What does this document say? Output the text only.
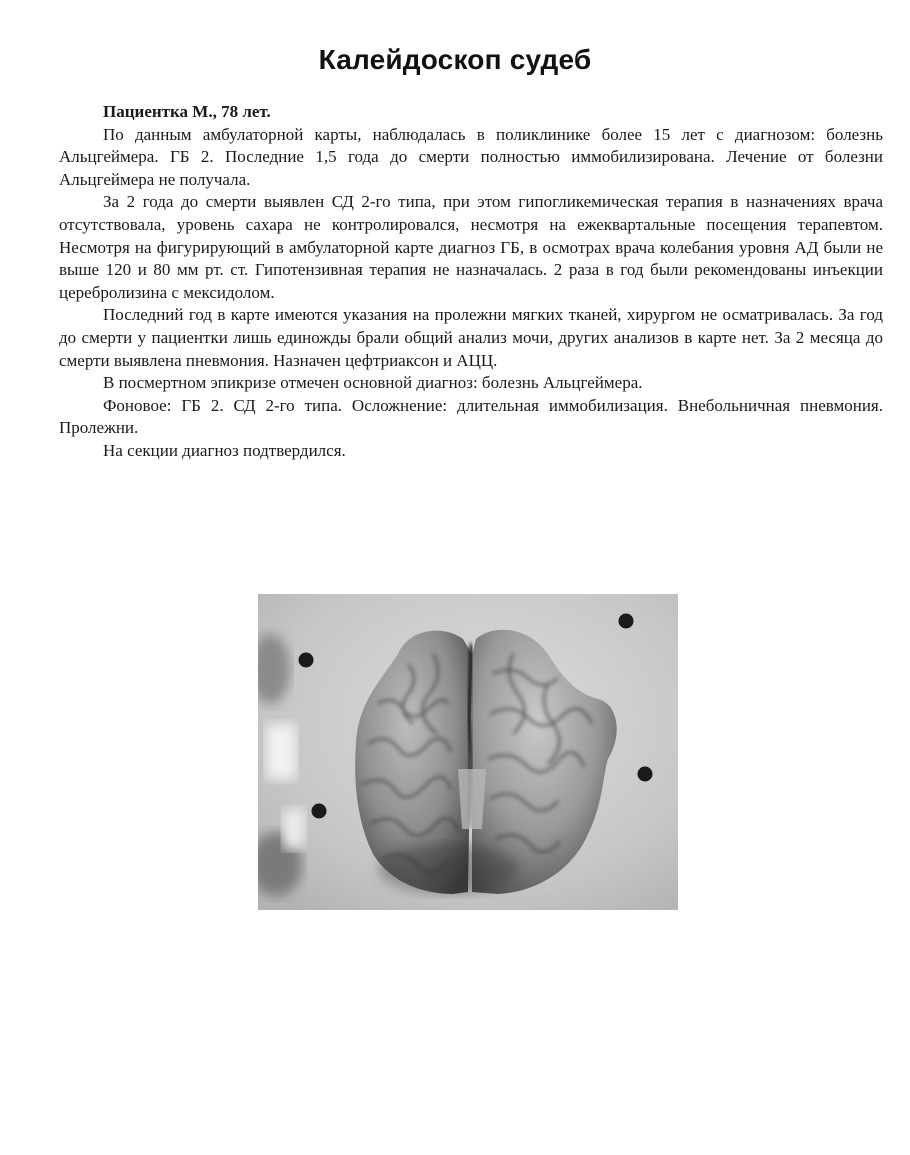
Калейдоскоп судеб

Пациентка М., 78 лет.

По данным амбулаторной карты, наблюдалась в поликлинике более 15 лет с диагнозом: болезнь Альцгеймера. ГБ 2. Последние 1,5 года до смерти полностью иммобилизирована. Лечение от болезни Альцгеймера не получала.

За 2 года до смерти выявлен СД 2-го типа, при этом гипогликемическая терапия в назначениях врача отсутствовала, уровень сахара не контролировался, несмотря на ежеквартальные посещения терапевтом. Несмотря на фигурирующий в амбулаторной карте диагноз ГБ, в осмотрах врача колебания уровня АД были не выше 120 и 80 мм рт. ст. Гипотензивная терапия не назначалась. 2 раза в год были рекомендованы инъекции церебролизина с мексидолом.

Последний год в карте имеются указания на пролежни мягких тканей, хирургом не осматривалась. За год до смерти у пациентки лишь единожды брали общий анализ мочи, других анализов в карте нет. За 2 месяца до смерти выявлена пневмония. Назначен цефтриаксон и АЦЦ.

В посмертном эпикризе отмечен основной диагноз: болезнь Альцгеймера.

Фоновое: ГБ 2. СД 2-го типа. Осложнение: длительная иммобилизация. Внебольничная пневмония. Пролежни.

На секции диагноз подтвердился.
